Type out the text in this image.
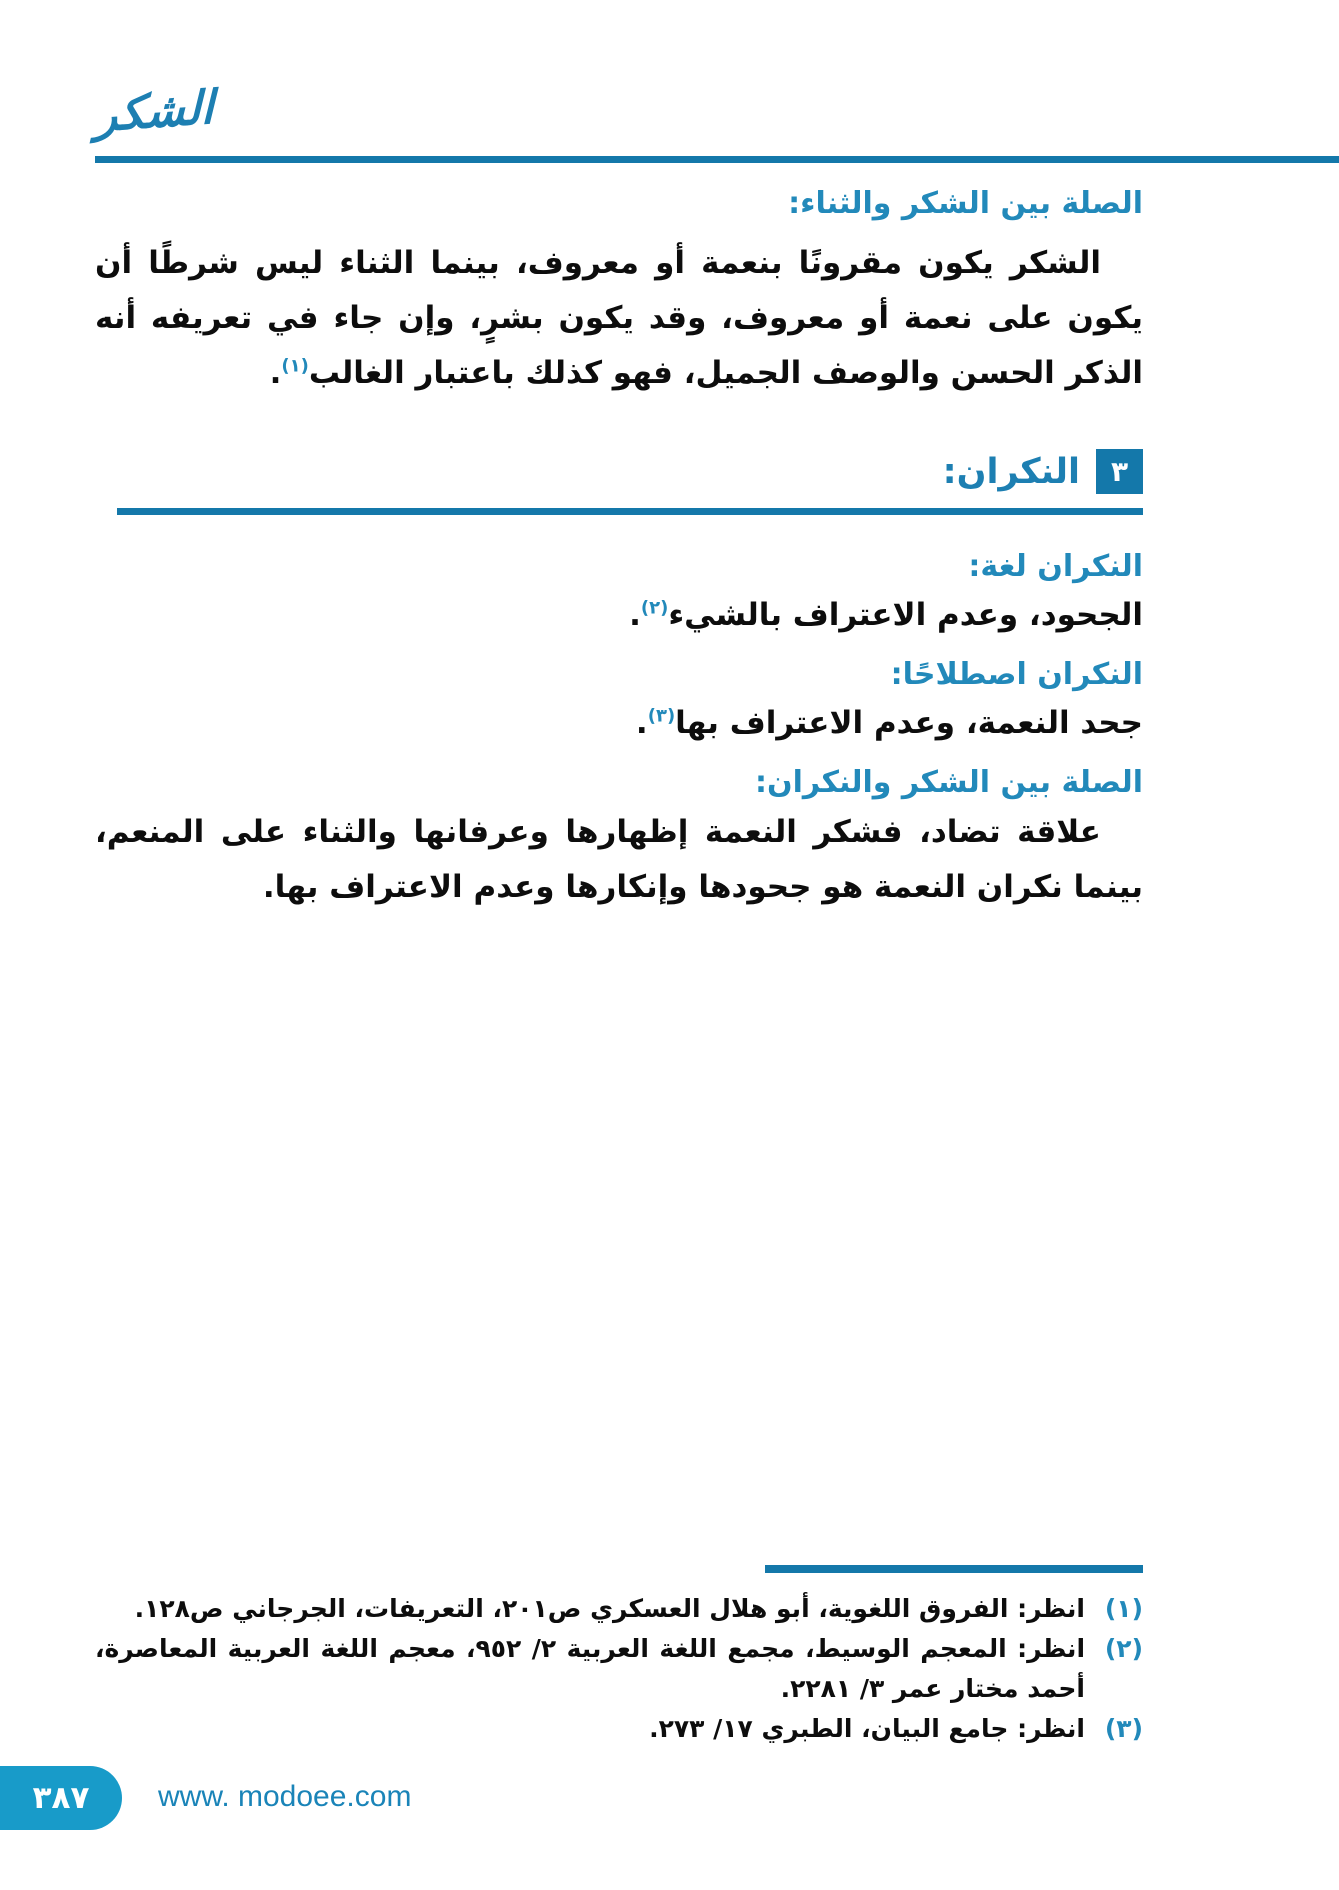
الشكر
الصلة بين الشكر والثناء:

الشكر يكون مقرونًا بنعمة أو معروف، بينما الثناء ليس شرطًا أن يكون على نعمة أو معروف، وقد يكون بشرٍ، وإن جاء في تعريفه أنه الذكر الحسن والوصف الجميل، فهو كذلك باعتبار الغالب$^{(١)}$.

٣
النكران:
النكران لغة:

الجحود، وعدم الاعتراف بالشيء$^{(٢)}$.

النكران اصطلاحًا:

جحد النعمة، وعدم الاعتراف بها$^{(٣)}$.

الصلة بين الشكر والنكران:

علاقة تضاد، فشكر النعمة إظهارها وعرفانها والثناء على المنعم، بينما نكران النعمة هو جحودها وإنكارها وعدم الاعتراف بها.

(١)
انظر: الفروق اللغوية، أبو هلال العسكري ص٢٠١، التعريفات، الجرجاني ص١٢٨.
(٢)
انظر: المعجم الوسيط، مجمع اللغة العربية ٢/ ٩٥٢، معجم اللغة العربية المعاصرة، أحمد مختار عمر ٣/ ٢٢٨١.
(٣)
انظر: جامع البيان، الطبري ١٧/ ٢٧٣.
٣٨٧	www. modoee.com
